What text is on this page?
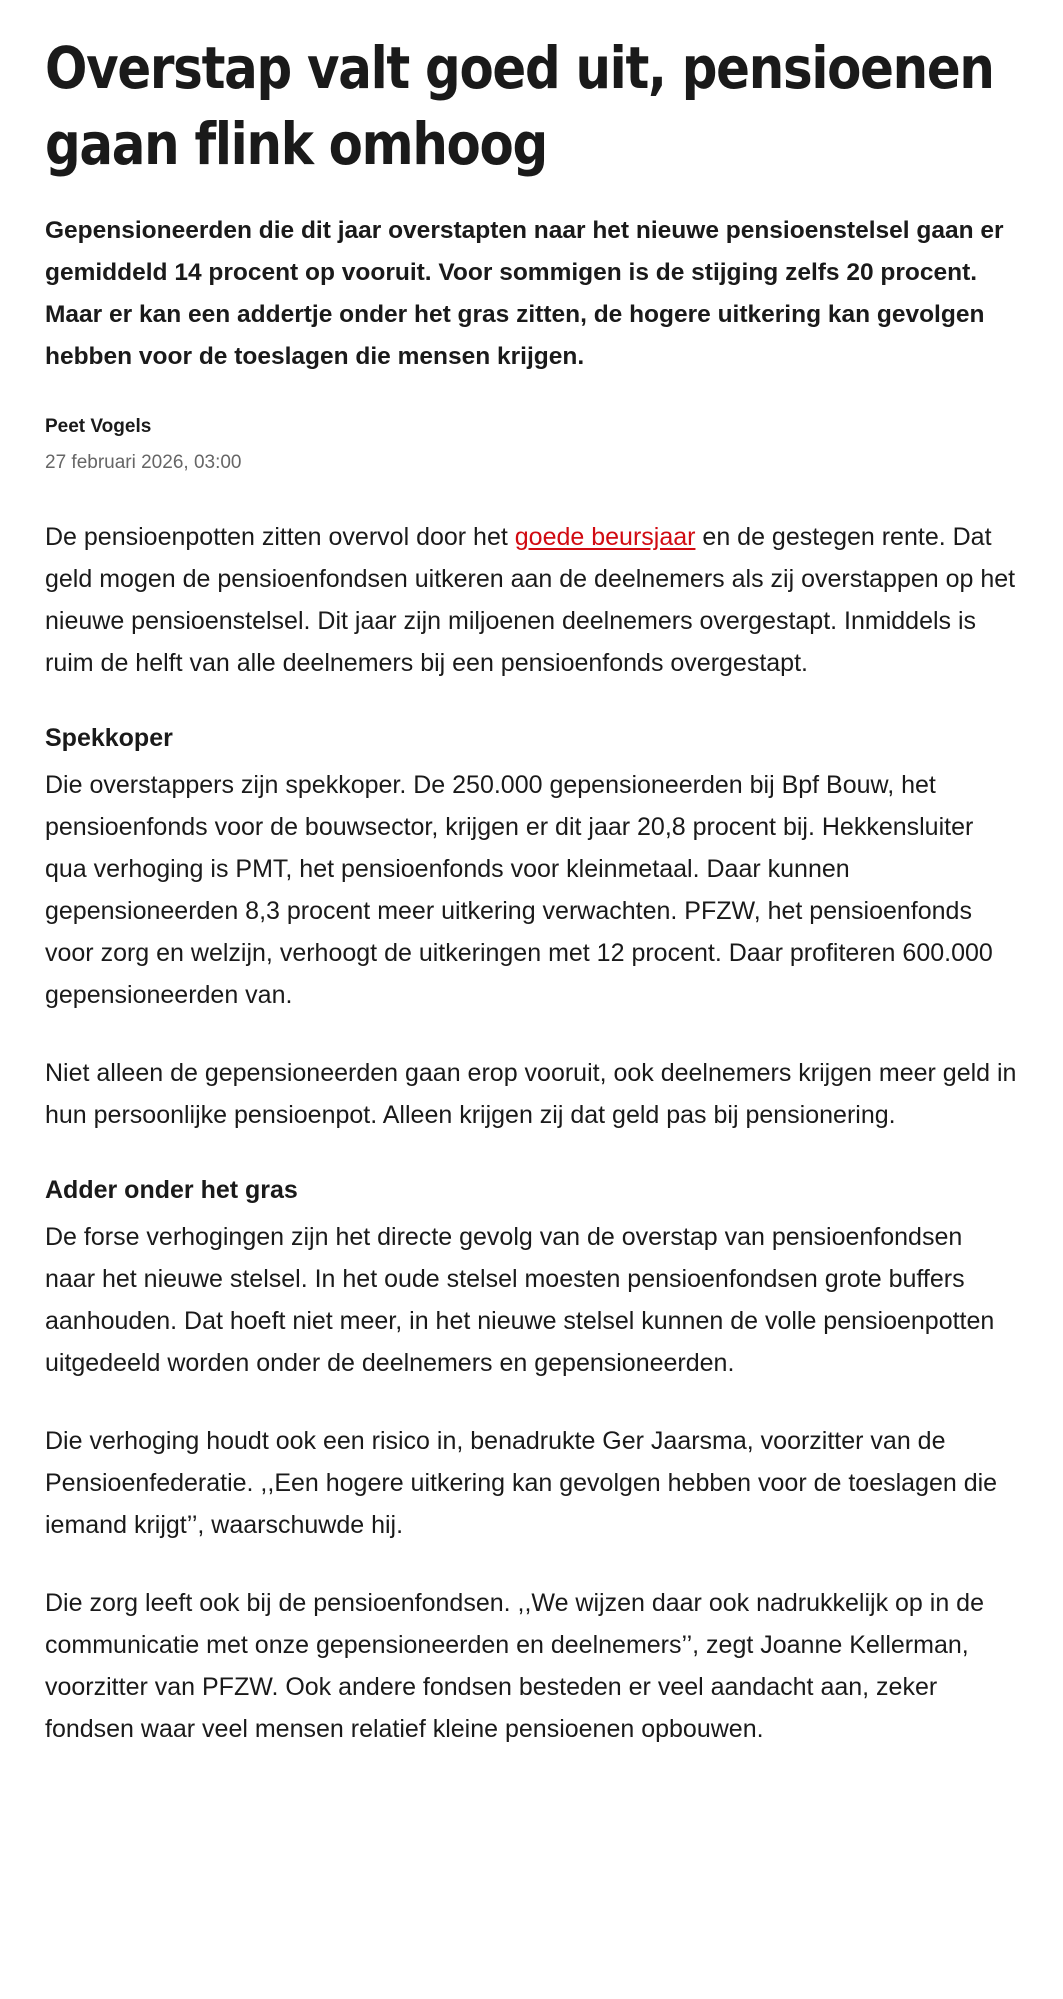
Overstap valt goed uit, pensioenen gaan flink omhoog

Gepensioneerden die dit jaar overstapten naar het nieuwe pensioenstelsel gaan er gemiddeld 14 procent op vooruit. Voor sommigen is de stijging zelfs 20 procent. Maar er kan een addertje onder het gras zitten, de hogere uitkering kan gevolgen hebben voor de toeslagen die mensen krijgen.

Peet Vogels
27 februari 2026, 03:00

De pensioenpotten zitten overvol door het goede beursjaar en de gestegen rente. Dat geld mogen de pensioenfondsen uitkeren aan de deelnemers als zij overstappen op het nieuwe pensioenstelsel. Dit jaar zijn miljoenen deelnemers overgestapt. Inmiddels is ruim de helft van alle deelnemers bij een pensioenfonds overgestapt.

Spekkoper

Die overstappers zijn spekkoper. De 250.000 gepensioneerden bij Bpf Bouw, het pensioenfonds voor de bouwsector, krijgen er dit jaar 20,8 procent bij. Hekkensluiter qua verhoging is PMT, het pensioenfonds voor kleinmetaal. Daar kunnen gepensioneerden 8,3 procent meer uitkering verwachten. PFZW, het pensioenfonds voor zorg en welzijn, verhoogt de uitkeringen met 12 procent. Daar profiteren 600.000 gepensioneerden van.

Niet alleen de gepensioneerden gaan erop vooruit, ook deelnemers krijgen meer geld in hun persoonlijke pensioenpot. Alleen krijgen zij dat geld pas bij pensionering.

Adder onder het gras

De forse verhogingen zijn het directe gevolg van de overstap van pensioenfondsen naar het nieuwe stelsel. In het oude stelsel moesten pensioenfondsen grote buffers aanhouden. Dat hoeft niet meer, in het nieuwe stelsel kunnen de volle pensioenpotten uitgedeeld worden onder de deelnemers en gepensioneerden.

Die verhoging houdt ook een risico in, benadrukte Ger Jaarsma, voorzitter van de Pensioenfederatie. ,,Een hogere uitkering kan gevolgen hebben voor de toeslagen die iemand krijgt’’, waarschuwde hij.

Die zorg leeft ook bij de pensioenfondsen. ,,We wijzen daar ook nadrukkelijk op in de communicatie met onze gepensioneerden en deelnemers’’, zegt Joanne Kellerman, voorzitter van PFZW. Ook andere fondsen besteden er veel aandacht aan, zeker fondsen waar veel mensen relatief kleine pensioenen opbouwen.
